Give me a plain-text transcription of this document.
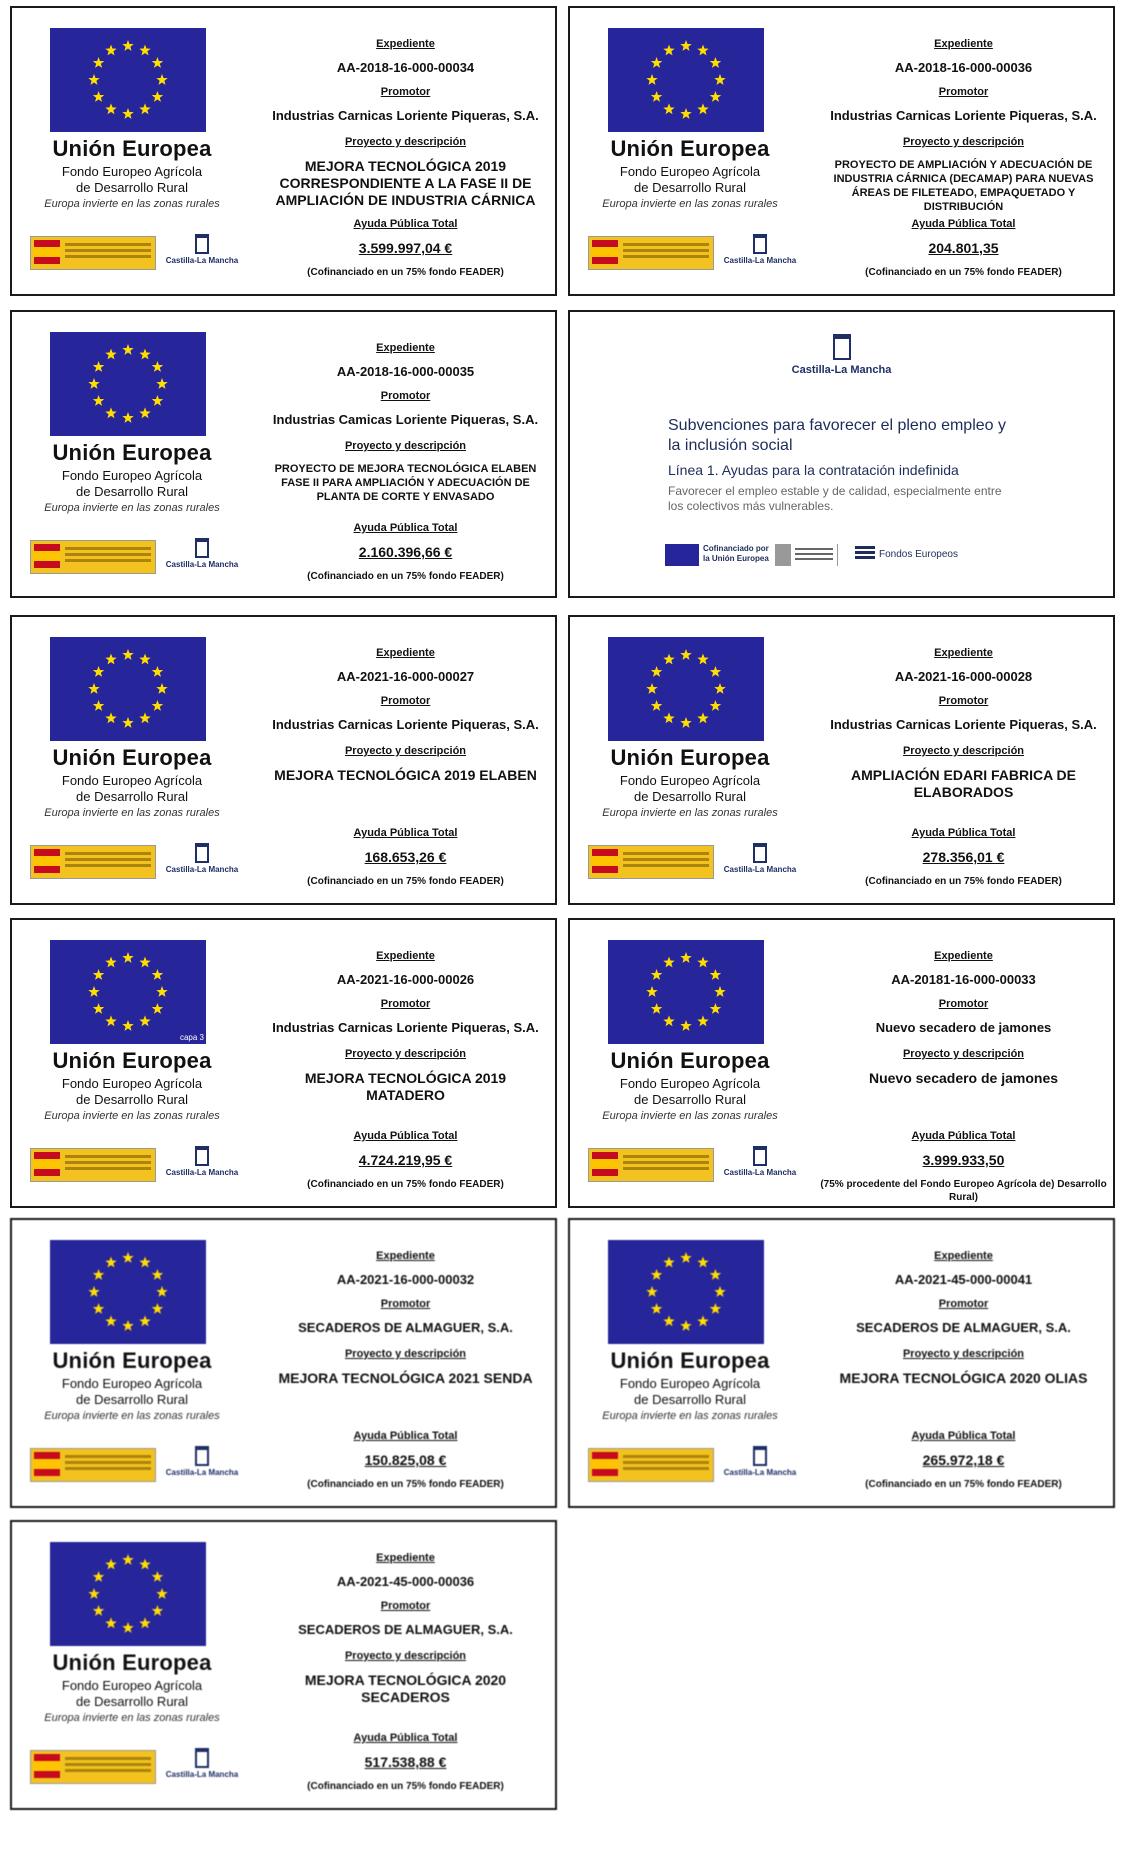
Unión Europea
Fondo Europeo Agrícola
de Desarrollo Rural
Europa invierte en las zonas rurales
Castilla-La Mancha
Expediente
AA-2018-16-000-00034
Promotor
Industrias Carnicas Loriente Piqueras, S.A.
Proyecto y descripción
MEJORA TECNOLÓGICA 2019 CORRESPONDIENTE A LA FASE II DE AMPLIACIÓN DE INDUSTRIA CÁRNICA
Ayuda Pública Total
3.599.997,04 €
(Cofinanciado en un 75% fondo FEADER)
Unión Europea
Fondo Europeo Agrícola
de Desarrollo Rural
Europa invierte en las zonas rurales
Castilla-La Mancha
Expediente
AA-2018-16-000-00036
Promotor
Industrias Carnicas Loriente Piqueras, S.A.
Proyecto y descripción
PROYECTO DE AMPLIACIÓN Y ADECUACIÓN DE INDUSTRIA CÁRNICA (DECAMAP) PARA NUEVAS ÁREAS DE FILETEADO, EMPAQUETADO Y DISTRIBUCIÓN
Ayuda Pública Total
204.801,35
(Cofinanciado en un 75% fondo FEADER)
Unión Europea
Fondo Europeo Agrícola
de Desarrollo Rural
Europa invierte en las zonas rurales
Castilla-La Mancha
Expediente
AA-2018-16-000-00035
Promotor
Industrias Camicas Loriente Piqueras, S.A.
Proyecto y descripción
PROYECTO DE MEJORA TECNOLÓGICA ELABEN FASE II PARA AMPLIACIÓN Y ADECUACIÓN DE PLANTA DE CORTE Y ENVASADO
Ayuda Pública Total
2.160.396,66 €
(Cofinanciado en un 75% fondo FEADER)
Unión Europea
Fondo Europeo Agrícola
de Desarrollo Rural
Europa invierte en las zonas rurales
Castilla-La Mancha
Expediente
AA-2021-16-000-00027
Promotor
Industrias Carnicas Loriente Piqueras, S.A.
Proyecto y descripción
MEJORA TECNOLÓGICA 2019 ELABEN
Ayuda Pública Total
168.653,26 €
(Cofinanciado en un 75% fondo FEADER)
Unión Europea
Fondo Europeo Agrícola
de Desarrollo Rural
Europa invierte en las zonas rurales
Castilla-La Mancha
Expediente
AA-2021-16-000-00028
Promotor
Industrias Carnicas Loriente Piqueras, S.A.
Proyecto y descripción
AMPLIACIÓN EDARI FABRICA DE ELABORADOS
Ayuda Pública Total
278.356,01 €
(Cofinanciado en un 75% fondo FEADER)
capa 3
Unión Europea
Fondo Europeo Agrícola
de Desarrollo Rural
Europa invierte en las zonas rurales
Castilla-La Mancha
Expediente
AA-2021-16-000-00026
Promotor
Industrias Carnicas Loriente Piqueras, S.A.
Proyecto y descripción
MEJORA TECNOLÓGICA 2019 MATADERO
Ayuda Pública Total
4.724.219,95 €
(Cofinanciado en un 75% fondo FEADER)
Unión Europea
Fondo Europeo Agrícola
de Desarrollo Rural
Europa invierte en las zonas rurales
Castilla-La Mancha
Expediente
AA-20181-16-000-00033
Promotor
Nuevo secadero de jamones
Proyecto y descripción
Nuevo secadero de jamones
Ayuda Pública Total
3.999.933,50
(75% procedente del Fondo Europeo Agrícola de) Desarrollo Rural)
Unión Europea
Fondo Europeo Agrícola
de Desarrollo Rural
Europa invierte en las zonas rurales
Castilla-La Mancha
Expediente
AA-2021-16-000-00032
Promotor
SECADEROS DE ALMAGUER, S.A.
Proyecto y descripción
MEJORA TECNOLÓGICA 2021 SENDA
Ayuda Pública Total
150.825,08 €
(Cofinanciado en un 75% fondo FEADER)
Unión Europea
Fondo Europeo Agrícola
de Desarrollo Rural
Europa invierte en las zonas rurales
Castilla-La Mancha
Expediente
AA-2021-45-000-00041
Promotor
SECADEROS DE ALMAGUER, S.A.
Proyecto y descripción
MEJORA TECNOLÓGICA 2020 OLIAS
Ayuda Pública Total
265.972,18 €
(Cofinanciado en un 75% fondo FEADER)
Unión Europea
Fondo Europeo Agrícola
de Desarrollo Rural
Europa invierte en las zonas rurales
Castilla-La Mancha
Expediente
AA-2021-45-000-00036
Promotor
SECADEROS DE ALMAGUER, S.A.
Proyecto y descripción
MEJORA TECNOLÓGICA 2020 SECADEROS
Ayuda Pública Total
517.538,88 €
(Cofinanciado en un 75% fondo FEADER)
Castilla-La Mancha
Subvenciones para favorecer el pleno empleo y la inclusión social
Línea 1. Ayudas para la contratación indefinida
Favorecer el empleo estable y de calidad, especialmente entre los colectivos más vulnerables.
Cofinanciado por la Unión Europea	Fondos Europeos
